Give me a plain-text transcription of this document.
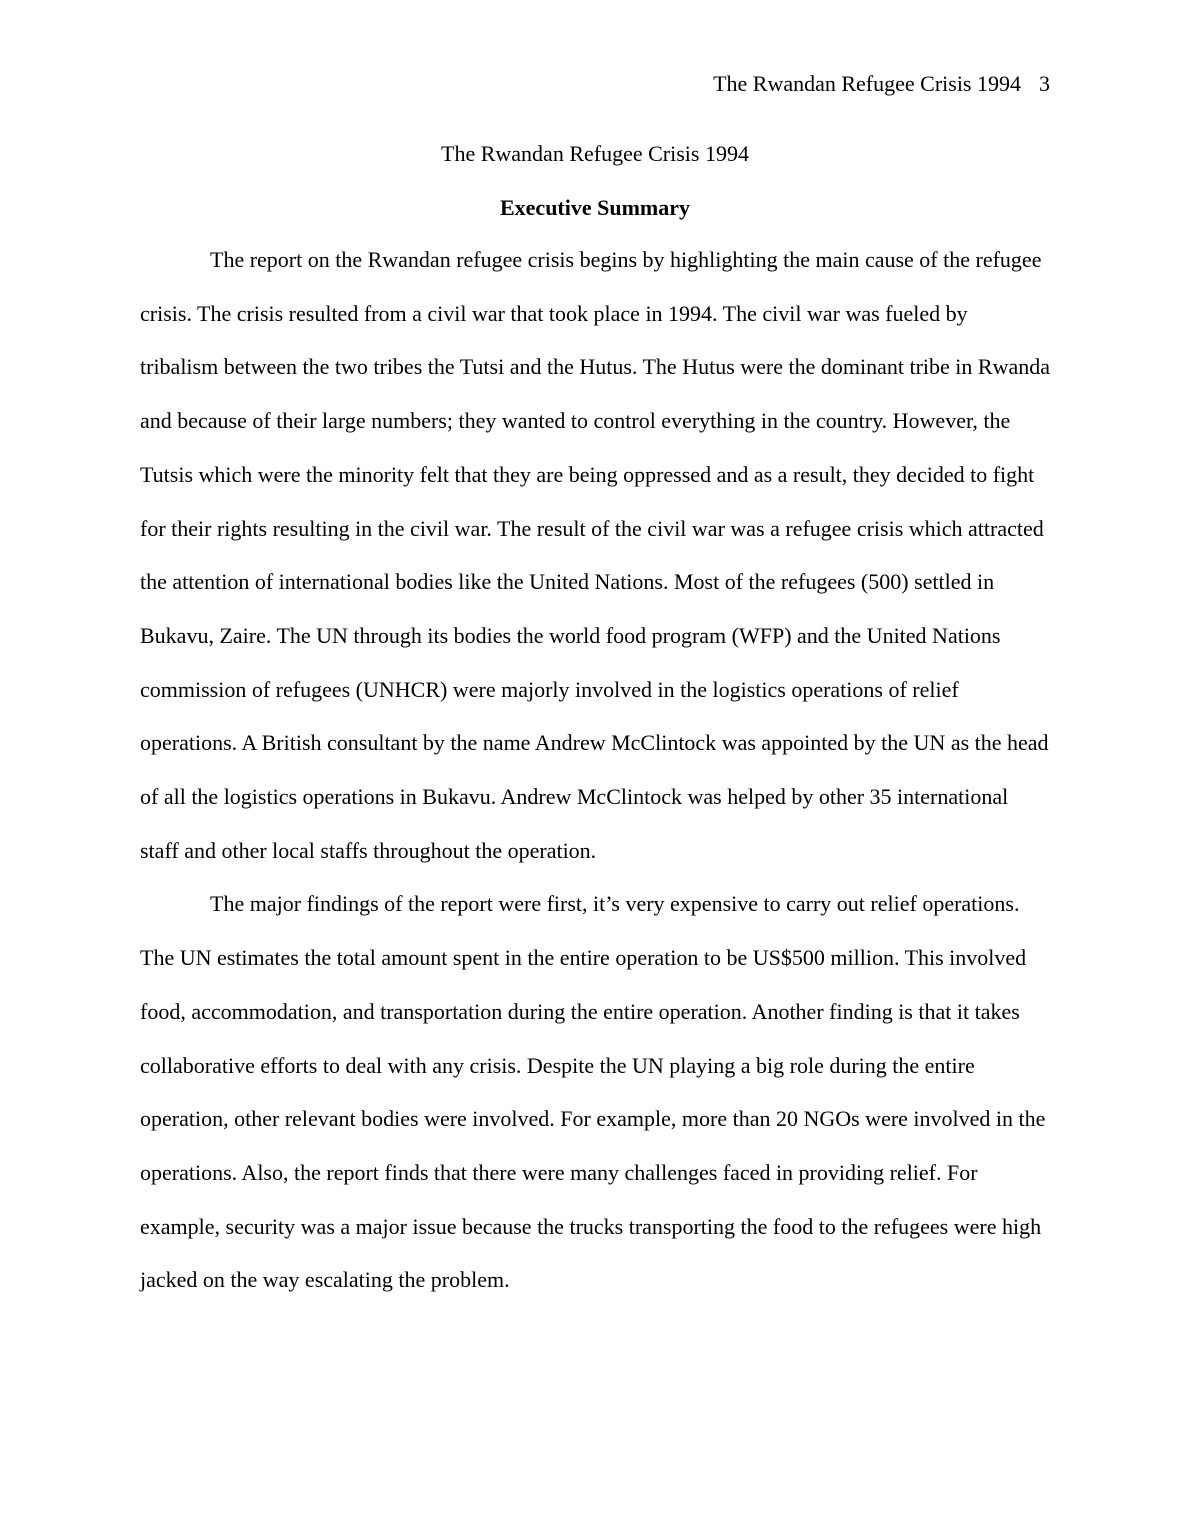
The Rwandan Refugee Crisis 1994 3
The Rwandan Refugee Crisis 1994
Executive Summary

The report on the Rwandan refugee crisis begins by highlighting the main cause of the refugee crisis. The crisis resulted from a civil war that took place in 1994. The civil war was fueled by tribalism between the two tribes the Tutsi and the Hutus. The Hutus were the dominant tribe in Rwanda and because of their large numbers; they wanted to control everything in the country. However, the Tutsis which were the minority felt that they are being oppressed and as a result, they decided to fight for their rights resulting in the civil war. The result of the civil war was a refugee crisis which attracted the attention of international bodies like the United Nations. Most of the refugees (500) settled in Bukavu, Zaire. The UN through its bodies the world food program (WFP) and the United Nations commission of refugees (UNHCR) were majorly involved in the logistics operations of relief operations. A British consultant by the name Andrew McClintock was appointed by the UN as the head of all the logistics operations in Bukavu. Andrew McClintock was helped by other 35 international staff and other local staffs throughout the operation.

The major findings of the report were first, it’s very expensive to carry out relief operations. The UN estimates the total amount spent in the entire operation to be US$500 million. This involved food, accommodation, and transportation during the entire operation. Another finding is that it takes collaborative efforts to deal with any crisis. Despite the UN playing a big role during the entire operation, other relevant bodies were involved. For example, more than 20 NGOs were involved in the operations. Also, the report finds that there were many challenges faced in providing relief. For example, security was a major issue because the trucks transporting the food to the refugees were high jacked on the way escalating the problem.
